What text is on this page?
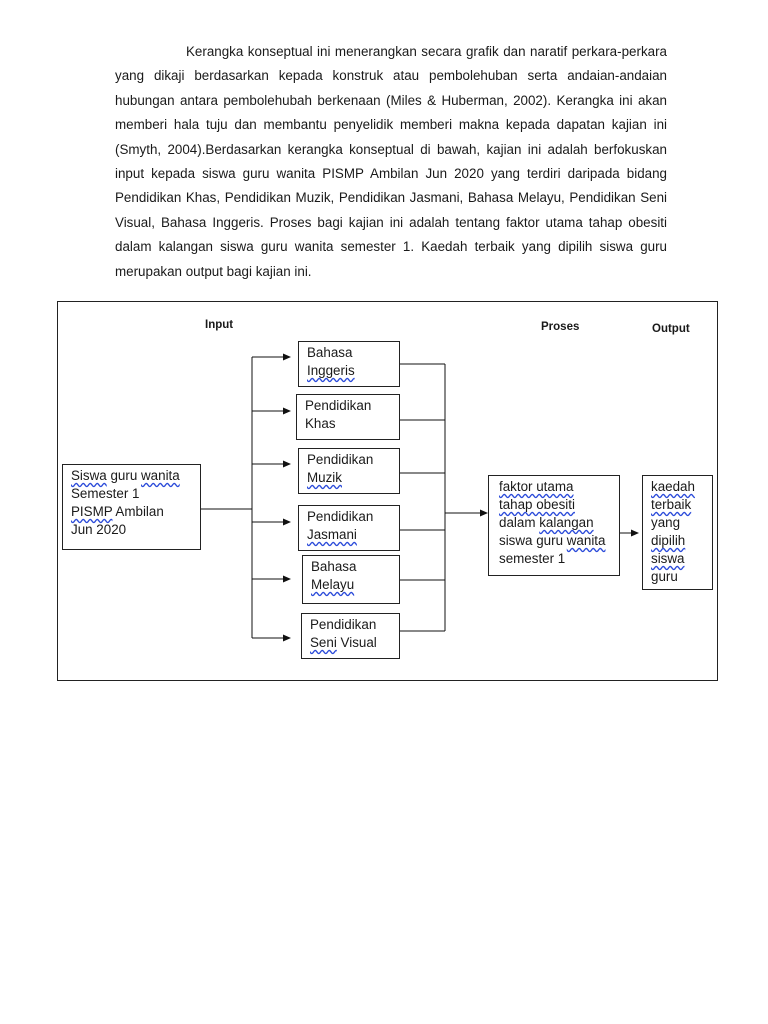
Kerangka konseptual ini menerangkan secara grafik dan naratif perkara-perkara yang dikaji berdasarkan kepada konstruk atau pembolehuban serta andaian-andaian hubungan antara pembolehubah berkenaan (Miles & Huberman, 2002). Kerangka ini akan memberi hala tuju dan membantu penyelidik memberi makna kepada dapatan kajian ini (Smyth, 2004).Berdasarkan kerangka konseptual di bawah, kajian ini adalah berfokuskan input kepada siswa guru wanita PISMP Ambilan Jun 2020 yang terdiri daripada bidang Pendidikan Khas, Pendidikan Muzik, Pendidikan Jasmani, Bahasa Melayu, Pendidikan Seni Visual, Bahasa Inggeris. Proses bagi kajian ini adalah tentang faktor utama tahap obesiti dalam kalangan siswa guru wanita semester 1. Kaedah terbaik yang dipilih siswa guru merupakan output bagi kajian ini.

Input	Proses	Output
Siswa guru wanita
Semester 1
PISMP Ambilan
Jun 2020
Bahasa
Inggeris
Pendidikan
Khas
Pendidikan
Muzik
Pendidikan
Jasmani
Bahasa
Melayu
Pendidikan
Seni Visual
faktor utama
tahap obesiti
dalam kalangan
siswa guru wanita
semester 1
kaedah
terbaik
yang
dipilih
siswa
guru
